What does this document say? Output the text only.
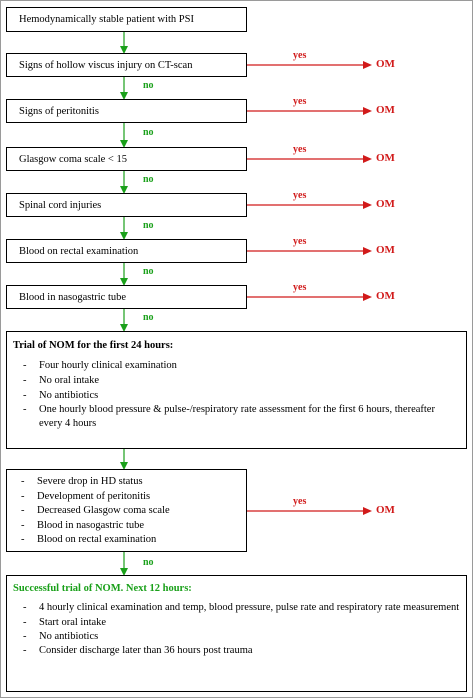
Hemodynamically stable patient with PSI
Signs of hollow viscus injury on CT-scan
Signs of peritonitis
Glasgow coma scale < 15
Spinal cord injuries
Blood on rectal examination
Blood in nasogastric tube
Trial of NOM for the first 24 hours:
- Four hourly clinical examination
- No oral intake
- No antibiotics
- One hourly blood pressure & pulse-/respiratory rate assessment for the first 6 hours, thereafter every 4 hours
- Severe drop in HD status
- Development of peritonitis
- Decreased Glasgow coma scale
- Blood in nasogastric tube
- Blood on rectal examination
Successful trial of NOM. Next 12 hours:
- 4 hourly clinical examination and temp, blood pressure, pulse rate and respiratory rate measurement
- Start oral intake
- No antibiotics
- Consider discharge later than 36 hours post trauma
no
no
no
no
no
no
no
yes
yes
yes
yes
yes
yes
yes
OM
OM
OM
OM
OM
OM
OM
